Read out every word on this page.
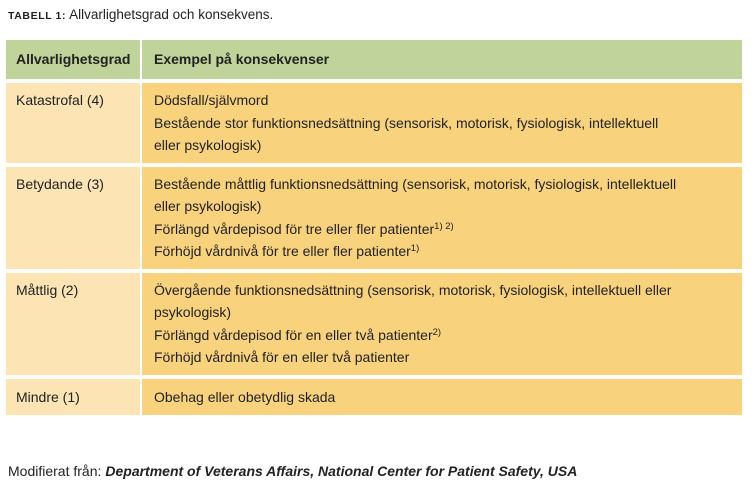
TABELL 1: Allvarlighetsgrad och konsekvens.
Allvarlighetsgrad	Exempel på konsekvenser
Katastrofal (4)	Dödsfall/självmord
Bestående stor funktionsnedsättning (sensorisk, motorisk, fysiologisk, intellektuell
eller psykologisk)

Betydande (3)	Bestående måttlig funktionsnedsättning (sensorisk, motorisk, fysiologisk, intellektuell
eller psykologisk)
Förlängd vårdepisod för tre eller fler patienter$^{1) 2)}$
Förhöjd vårdnivå för tre eller fler patienter$^{1)}$

Måttlig (2)	Övergående funktionsnedsättning (sensorisk, motorisk, fysiologisk, intellektuell eller
psykologisk)
Förlängd vårdepisod för en eller två patienter$^{2)}$
Förhöjd vårdnivå för en eller två patienter

Mindre (1)	Obehag eller obetydlig skada
Modifierat från: Department of Veterans Affairs, National Center for Patient Safety, USA
